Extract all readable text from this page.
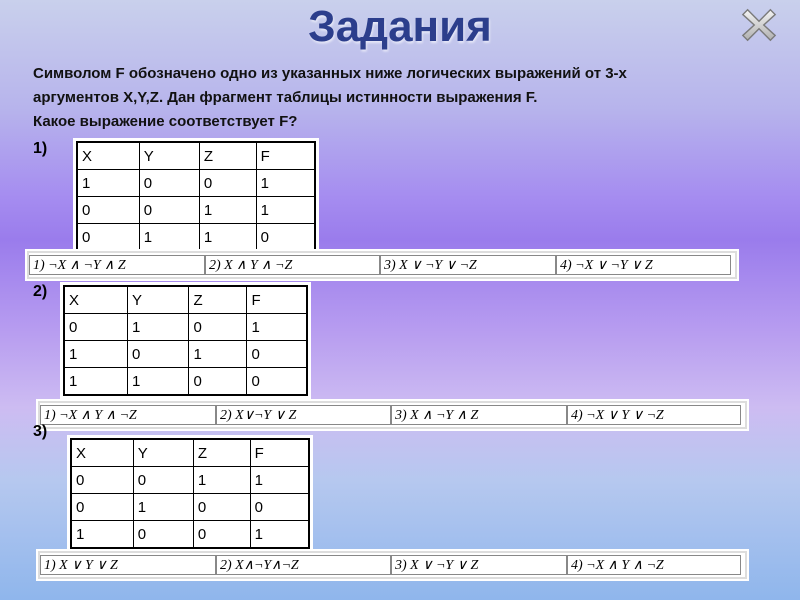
Задания
Символом F обозначено одно из указанных ниже логических выражений от 3-х
аргументов X,Y,Z. Дан фрагмент таблицы истинности выражения F.
Какое выражение соответствует F?
1) X	Y	Z	F
1	0	0	1
0	0	1	1
0	1	1	0
1) ¬X ∧ ¬Y ∧ Z	2) X ∧ Y ∧ ¬Z	3) X ∨ ¬Y ∨ ¬Z	4) ¬X ∨ ¬Y ∨ Z
2) X	Y	Z	F
0	1	0	1
1	0	1	0
1	1	0	0
1) ¬X ∧ Y ∧ ¬Z	2) X∨¬Y ∨ Z	3) X ∧ ¬Y ∧ Z	4) ¬X ∨ Y ∨ ¬Z
3)
X	Y	Z	F
0	0	1	1
0	1	0	0
1	0	0	1
1) X ∨ Y ∨ Z	2) X∧¬Y∧¬Z	3) X ∨ ¬Y ∨ Z	4) ¬X ∧ Y ∧ ¬Z
